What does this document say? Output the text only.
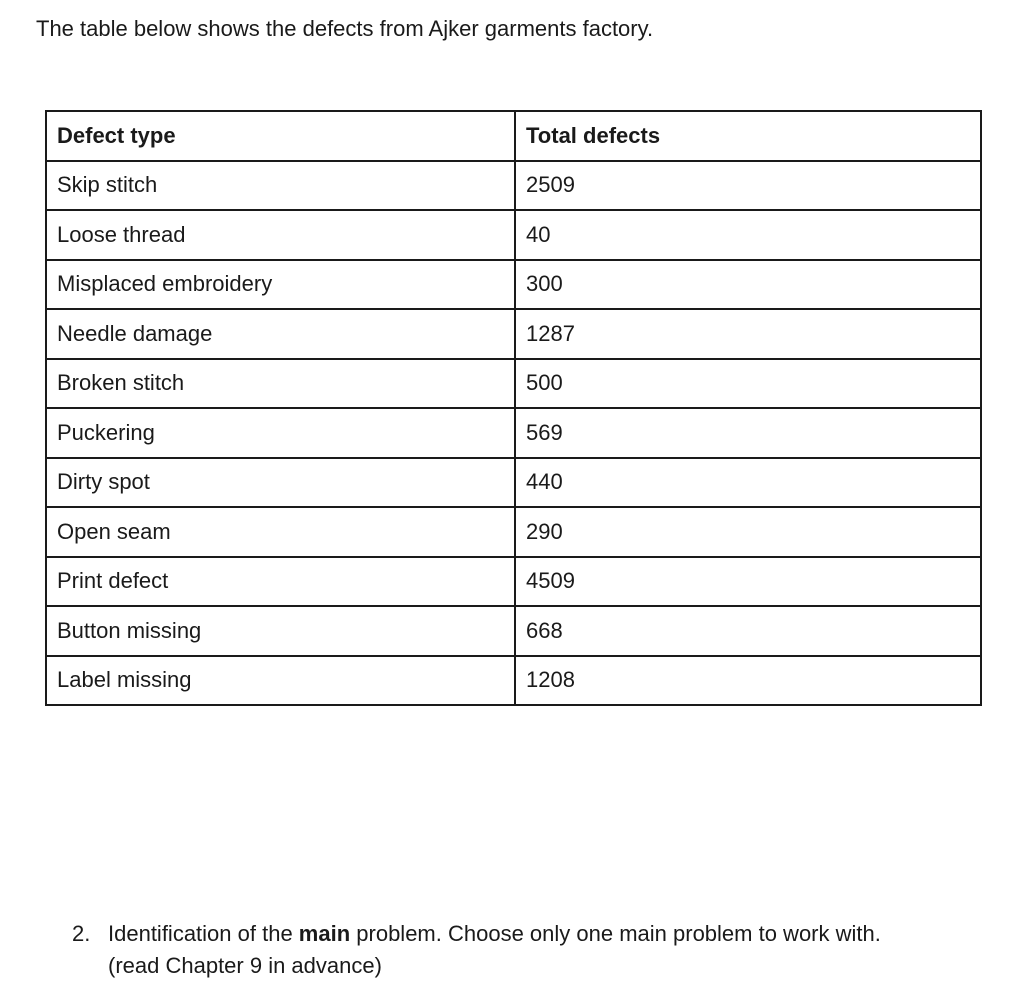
The table below shows the defects from Ajker garments factory.

Defect type	Total defects
Skip stitch	2509
Loose thread	40
Misplaced embroidery	300
Needle damage	1287
Broken stitch	500
Puckering	569
Dirty spot	440
Open seam	290
Print defect	4509
Button missing	668
Label missing	1208
2. Identification of the main problem. Choose only one main problem to work with.
(read Chapter 9 in advance)
